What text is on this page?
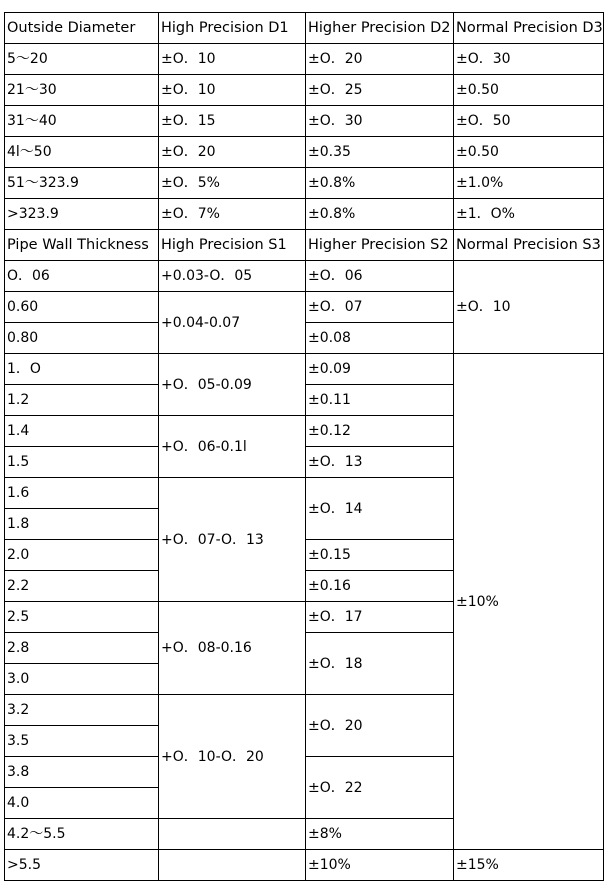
Outside Diameter	High Precision D1	Higher Precision D2	Normal Precision D3
5～20	±O．10	±O．20	±O．30
21～30	±O．10	±O．25	±0.50
31～40	±O．15	±O．30	±O．50
4l～50	±O．20	±0.35	±0.50
51～323.9	±O．5%	±0.8%	±1.0%
>323.9	±O．7%	±0.8%	±1．O%
Pipe Wall Thickness	High Precision S1	Higher Precision S2	Normal Precision S3
O．06	+0.03-O．05	±O．06	±O．10
0.60	+0.04-0.07	±O．07	
0.80		±0.08	
1．O	+O．05-0.09	±0.09	±10%
1.2		±0.11	
1.4	+O．06-0.1l	±0.12	
1.5		±O．13	
1.6	+O．07-O．13	±O．14	
1.8			
2.0		±0.15	
2.2		±0.16	
2.5	+O．08-0.16	±O．17	
2.8		±O．18	
3.0			
3.2	+O．10-O．20	±O．20	
3.5			
3.8		±O．22	
4.0			
4.2～5.5		±8%	
>5.5		±10%	±15%
